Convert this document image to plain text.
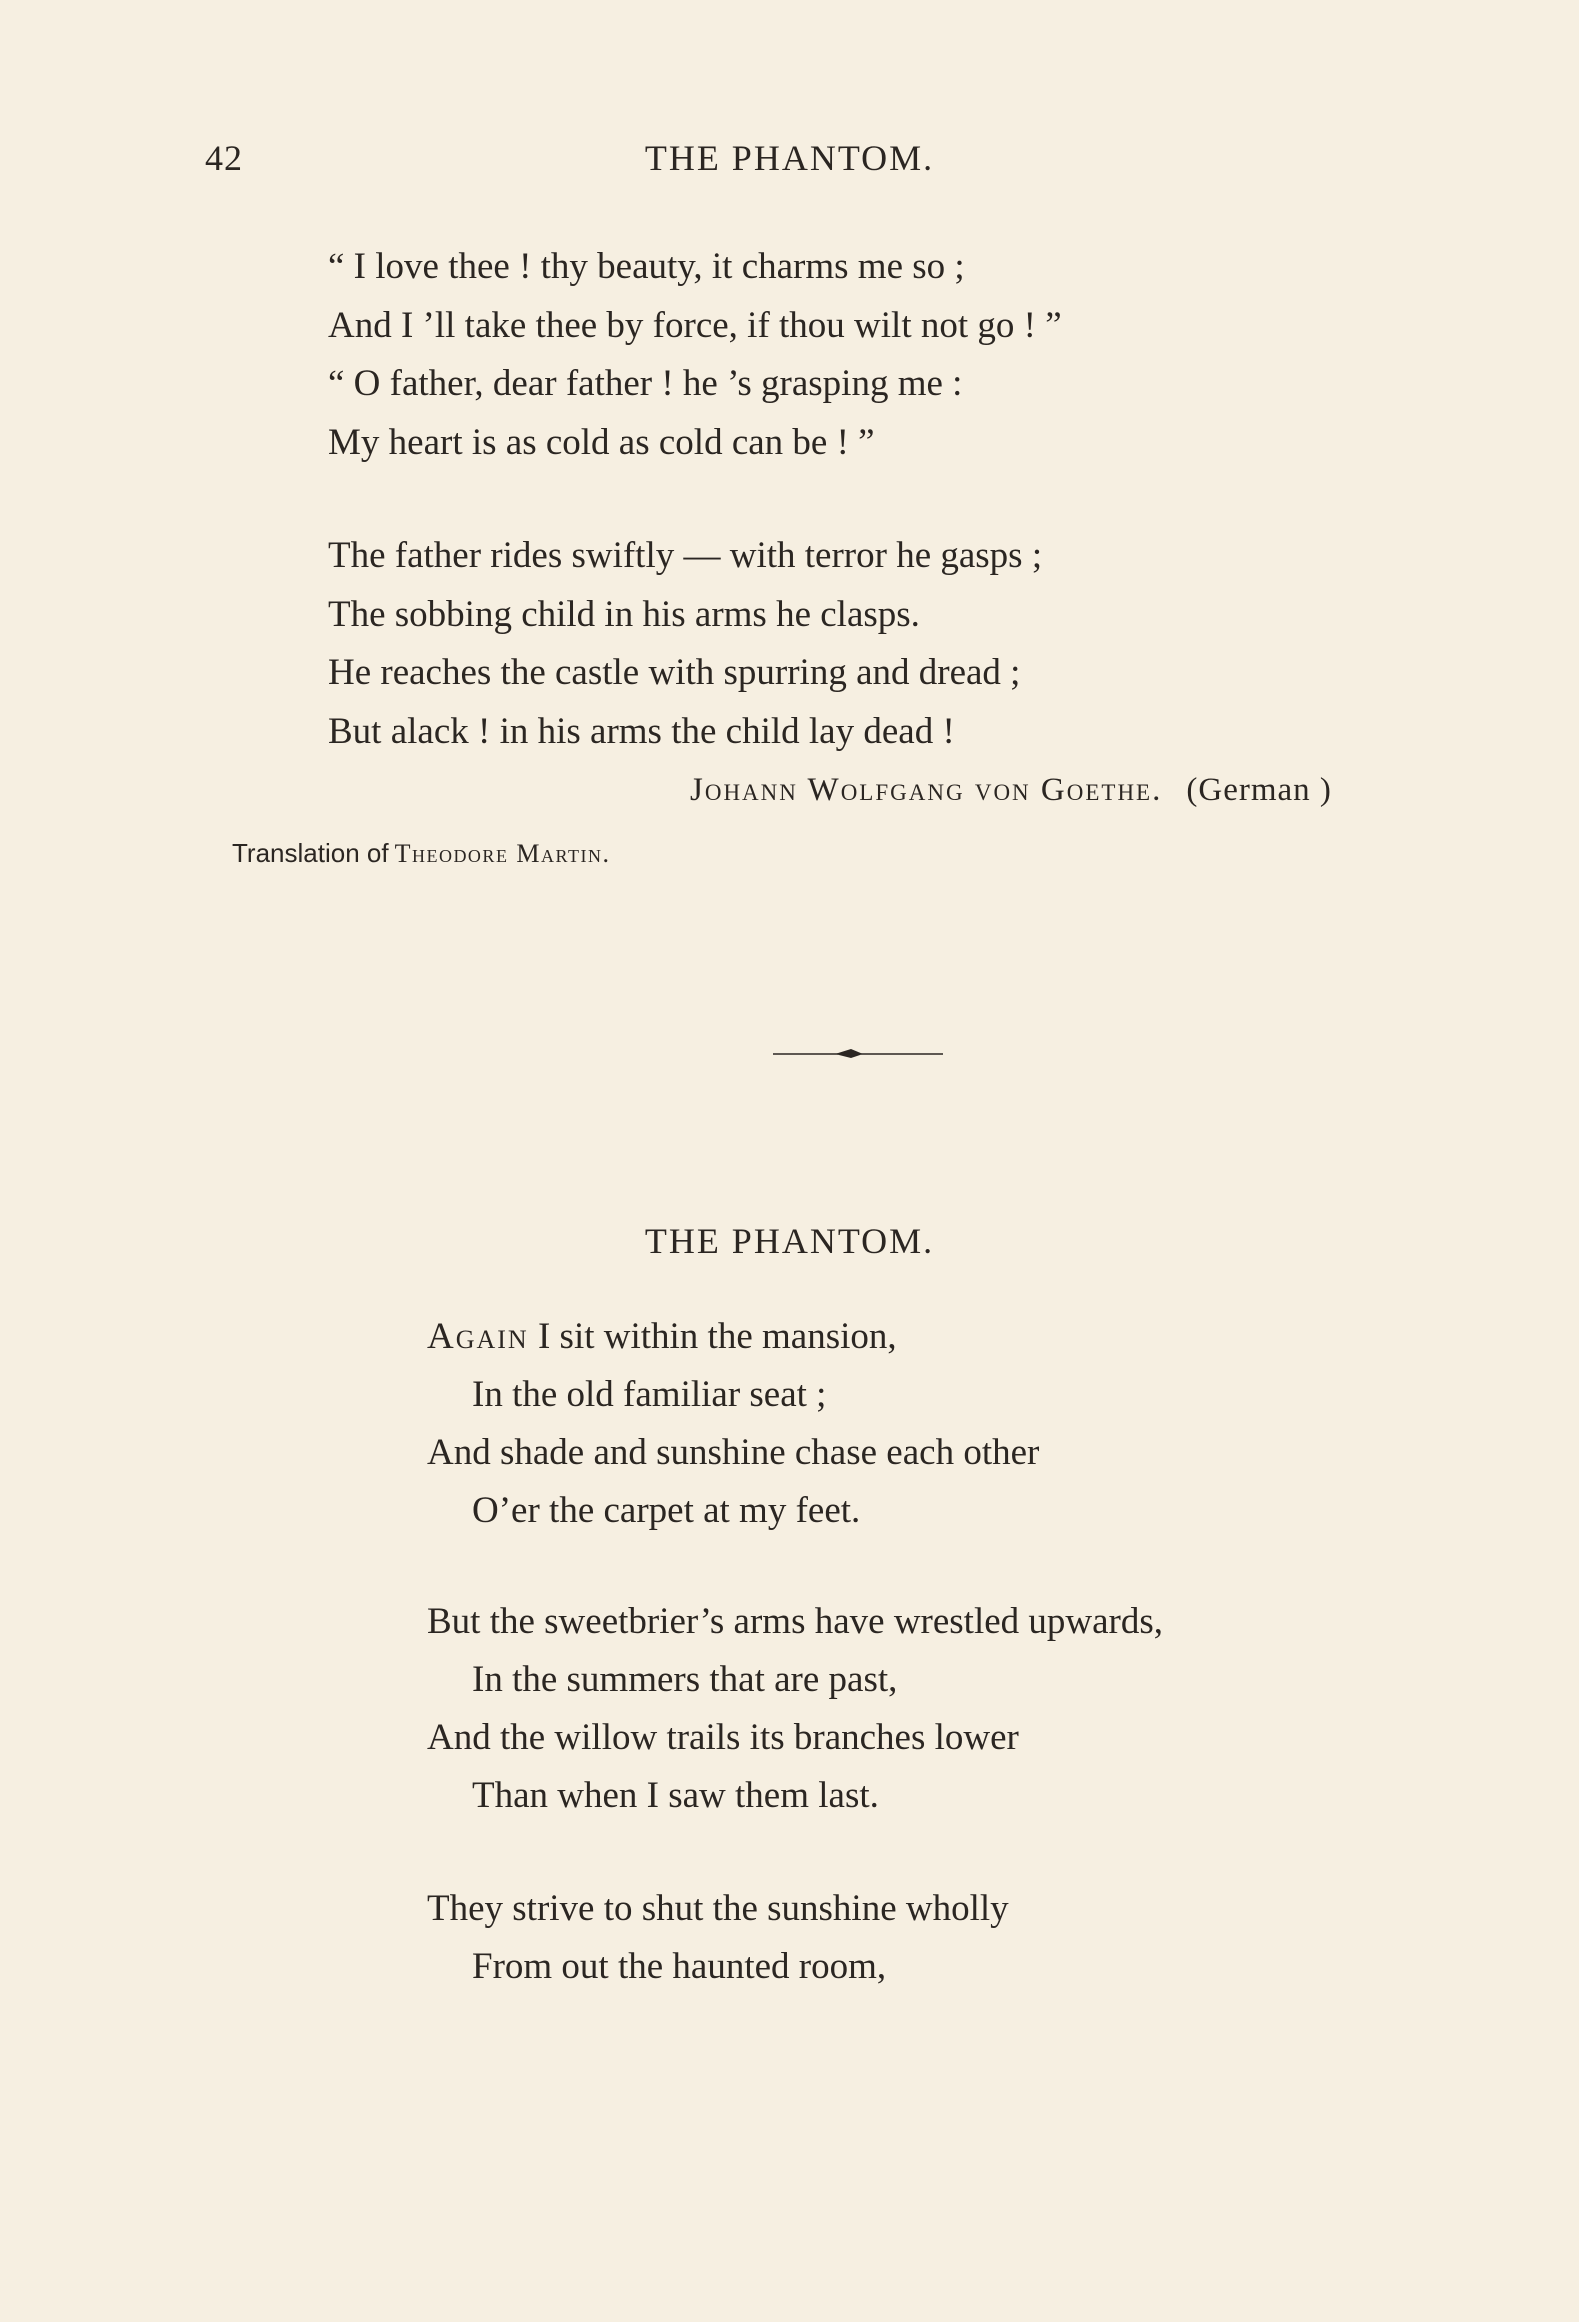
42	THE PHANTOM.
“ I love thee ! thy beauty, it charms me so ;
And I ’ll take thee by force, if thou wilt not go ! ”
“ O father, dear father ! he ’s grasping me :
My heart is as cold as cold can be ! ”
The father rides swiftly — with terror he gasps ;
The sobbing child in his arms he clasps.
He reaches the castle with spurring and dread ;
But alack ! in his arms the child lay dead !
Johann Wolfgang von Goethe. (German )
Translation of Theodore Martin.
THE PHANTOM.
Again I sit within the mansion,
In the old familiar seat ;
And shade and sunshine chase each other
O’er the carpet at my feet.
But the sweetbrier’s arms have wrestled upwards,
In the summers that are past,
And the willow trails its branches lower
Than when I saw them last.
They strive to shut the sunshine wholly
From out the haunted room,
